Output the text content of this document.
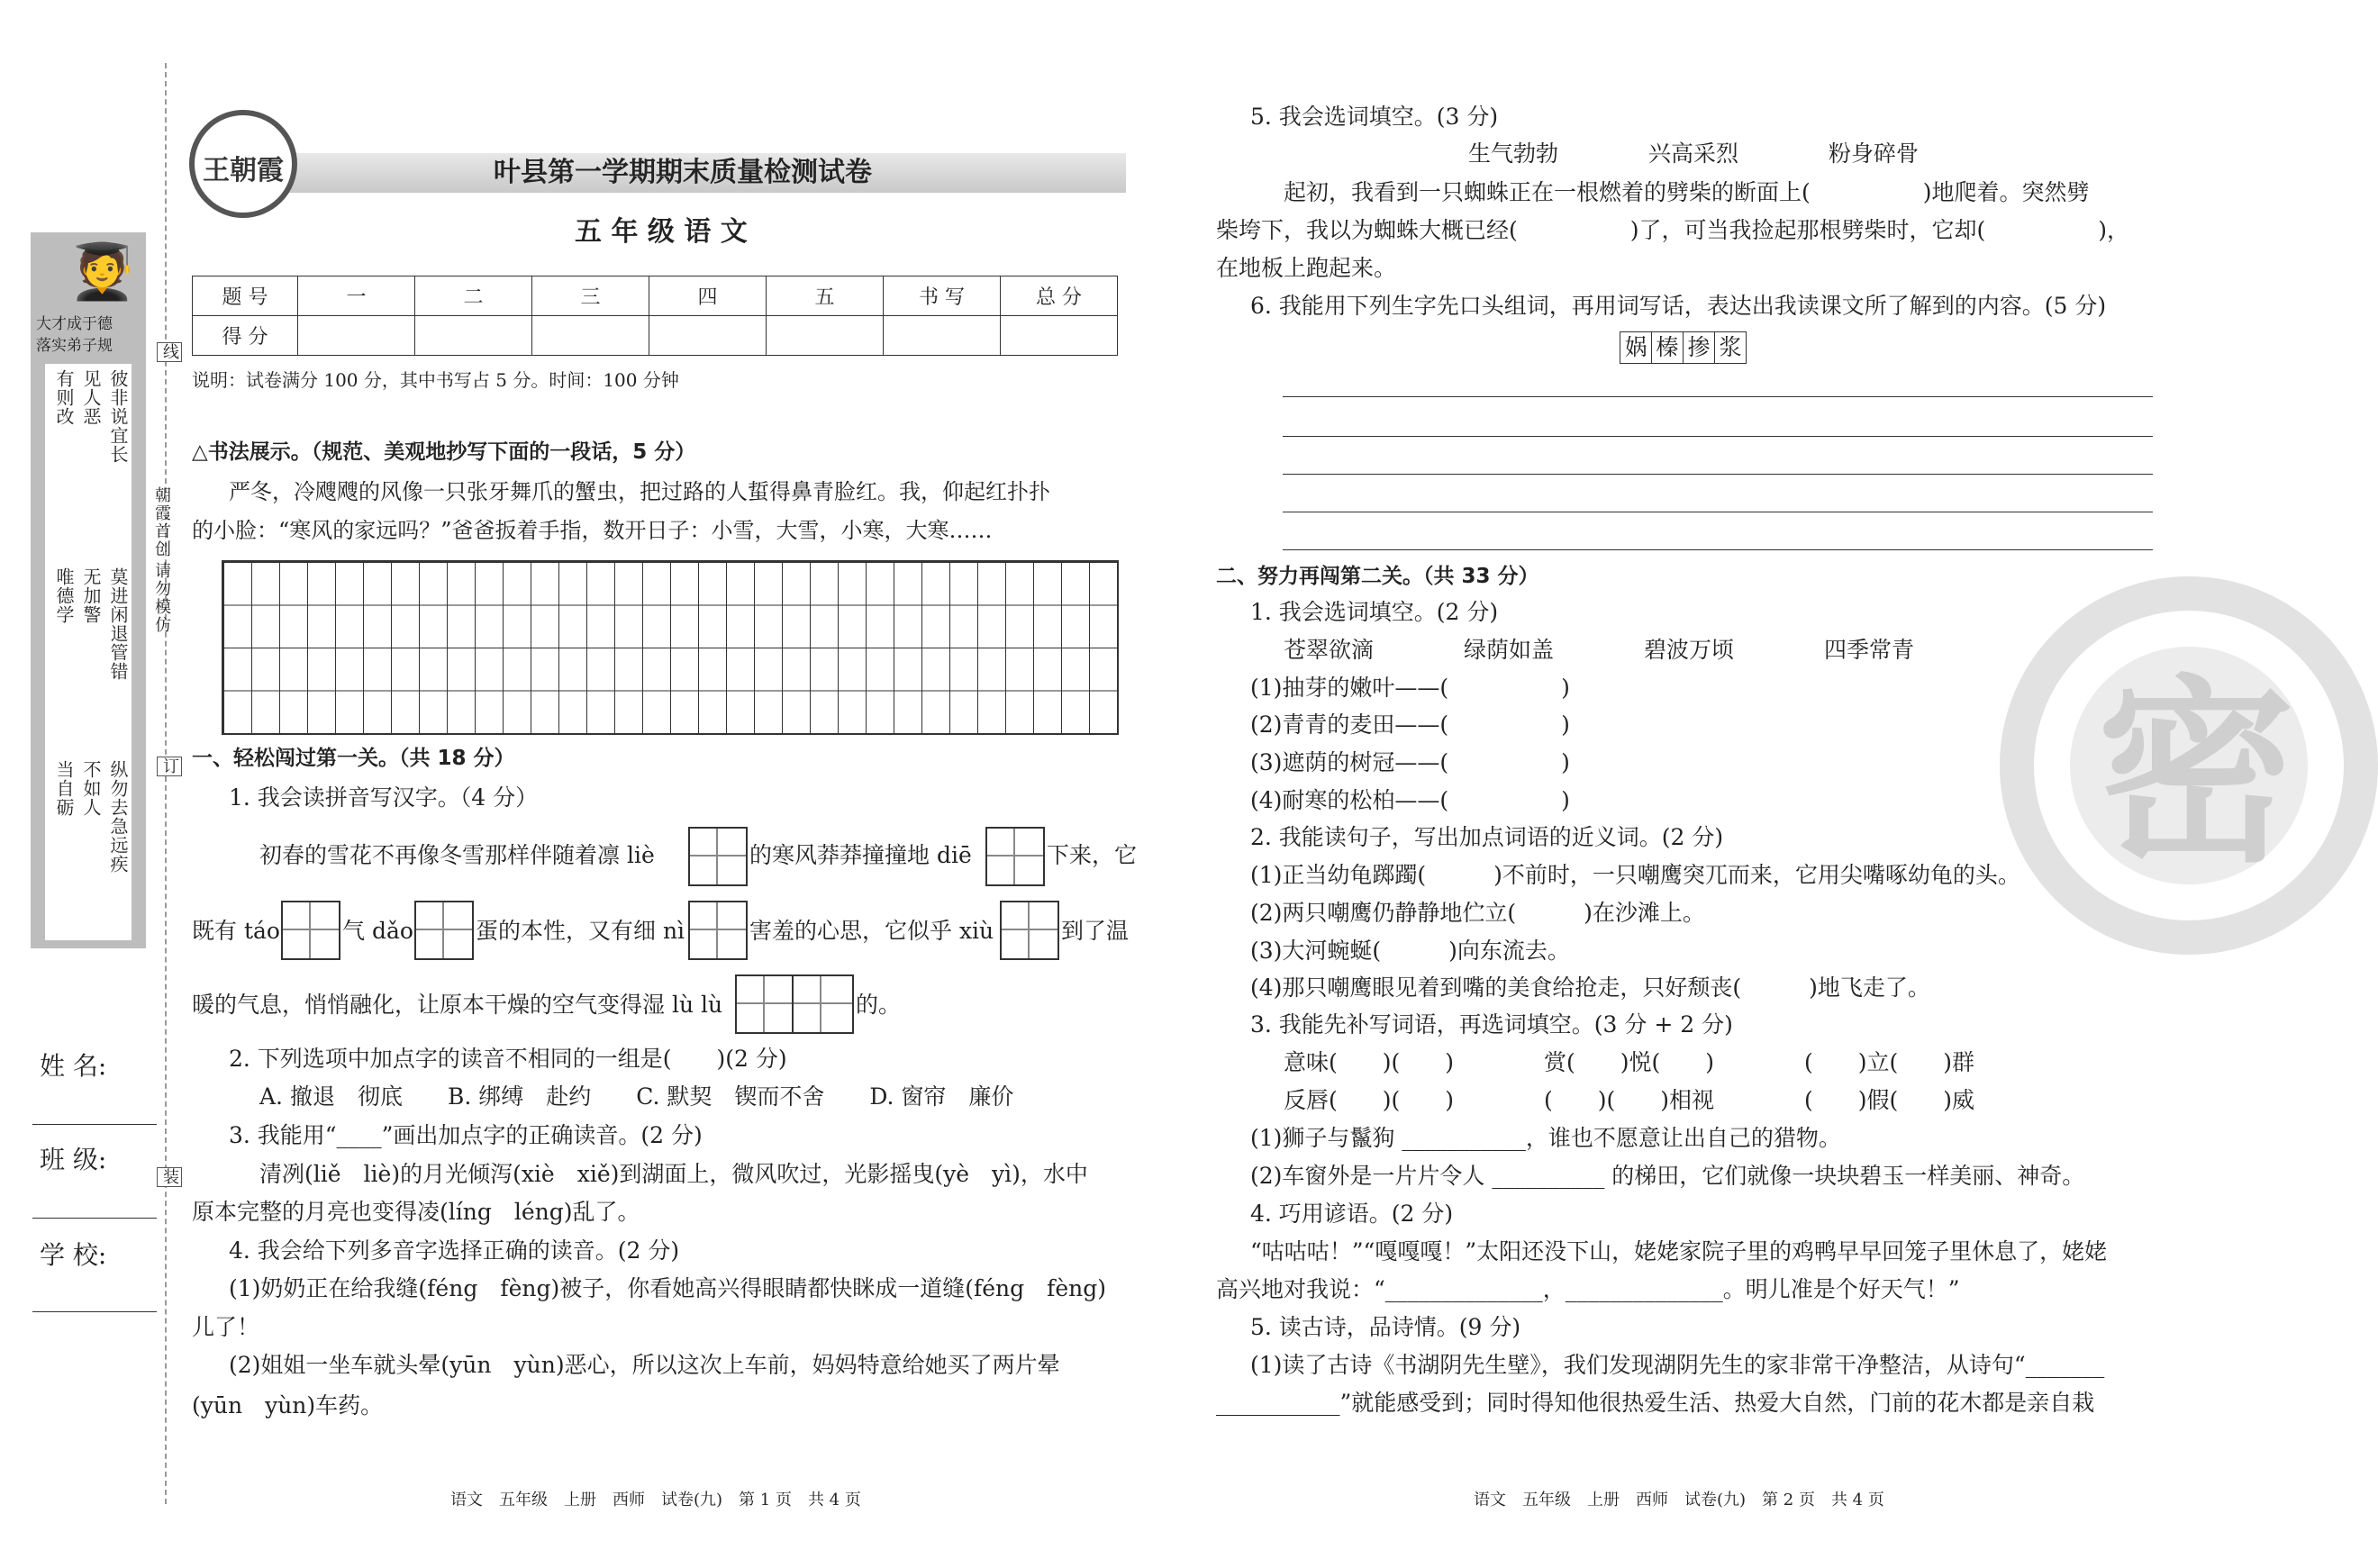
🧑‍🎓
大才成于德
落实弟子规
彼非说宜长
见人恶
有则改
莫进闲退管错
无加警
唯德学
纵勿去急远疾
不如人
当自砺
线
订
装
朝霞首创
请勿模仿
姓 名:
班 级:
学 校:
王朝霞	叶县第一学期期末质量检测试卷
五 年 级 语 文
题 号	一	二	三	四	五	书 写	总 分
得 分							
说明：试卷满分 100 分，其中书写占 5 分。时间：100 分钟
△书法展示。（规范、美观地抄写下面的一段话，5 分）
严冬，冷飕飕的风像一只张牙舞爪的蟹虫，把过路的人蜇得鼻青脸红。我，仰起红扑扑
的小脸：“寒风的家远吗？”爸爸扳着手指，数开日子：小雪，大雪，小寒，大寒……
一、轻松闯过第一关。（共 18 分）
1. 我会读拼音写汉字。（4 分）
初春的雪花不再像冬雪那样伴随着凛 liè	的寒风莽莽撞撞地 diē	下来，它
既有 táo	气 dǎo	蛋的本性，又有细 nì	害羞的心思，它似乎 xiù	到了温
暖的气息，悄悄融化，让原本干燥的空气变得湿 lù lù	的。
2. 下列选项中加点字的读音不相同的一组是(　　)(2 分)
A. 撤退　彻底　　B. 绑缚　赴约　　C. 默契　锲而不舍　　D. 窗帘　廉价
3. 我能用“____”画出加点字的正确读音。(2 分)
清冽(liě　liè)的月光倾泻(xiè　xiě)到湖面上，微风吹过，光影摇曳(yè　yì)，水中
原本完整的月亮也变得凌(líng　léng)乱了。
4. 我会给下列多音字选择正确的读音。(2 分)
(1)奶奶正在给我缝(féng　fèng)被子，你看她高兴得眼睛都快眯成一道缝(féng　fèng)
儿了！
(2)姐姐一坐车就头晕(yūn　yùn)恶心，所以这次上车前，妈妈特意给她买了两片晕
(yūn　yùn)车药。
语文　五年级　上册　西师　试卷(九)　第 1 页　共 4 页
密
5. 我会选词填空。(3 分)
生气勃勃　　　　兴高采烈　　　　粉身碎骨
起初，我看到一只蜘蛛正在一根燃着的劈柴的断面上(　　　　　)地爬着。突然劈
柴垮下，我以为蜘蛛大概已经(　　　　　)了，可当我捡起那根劈柴时，它却(　　　　　)，
在地板上跑起来。
6. 我能用下列生字先口头组词，再用词写话，表达出我读课文所了解到的内容。(5 分)
娲 榛 掺 浆
二、努力再闯第二关。（共 33 分）
1. 我会选词填空。(2 分)
苍翠欲滴　　　　绿荫如盖　　　　碧波万顷　　　　四季常青
(1)抽芽的嫩叶——(　　　　　)
(2)青青的麦田——(　　　　　)
(3)遮荫的树冠——(　　　　　)
(4)耐寒的松柏——(　　　　　)
2. 我能读句子，写出加点词语的近义词。(2 分)
(1)正当幼龟踯躅(　　　)不前时，一只嘲鹰突兀而来，它用尖嘴啄幼龟的头。
(2)两只嘲鹰仍静静地伫立(　　　)在沙滩上。
(3)大河蜿蜒(　　　)向东流去。
(4)那只嘲鹰眼见着到嘴的美食给抢走，只好颓丧(　　　)地飞走了。
3. 我能先补写词语，再选词填空。(3 分 + 2 分)
意味(　　)(　　)　　　　赏(　　)悦(　　)　　　　(　　)立(　　)群
反唇(　　)(　　)　　　　(　　)(　　)相视　　　　(　　)假(　　)威
(1)狮子与鬣狗 ___________，谁也不愿意让出自己的猎物。
(2)车窗外是一片片令人 __________ 的梯田，它们就像一块块碧玉一样美丽、神奇。
4. 巧用谚语。(2 分)
“咕咕咕！”“嘎嘎嘎！”太阳还没下山，姥姥家院子里的鸡鸭早早回笼子里休息了，姥姥
高兴地对我说：“______________，______________。明儿准是个好天气！”
5. 读古诗，品诗情。(9 分)
(1)读了古诗《书湖阴先生壁》，我们发现湖阴先生的家非常干净整洁，从诗句“_______
___________”就能感受到；同时得知他很热爱生活、热爱大自然，门前的花木都是亲自栽
语文　五年级　上册　西师　试卷(九)　第 2 页　共 4 页
